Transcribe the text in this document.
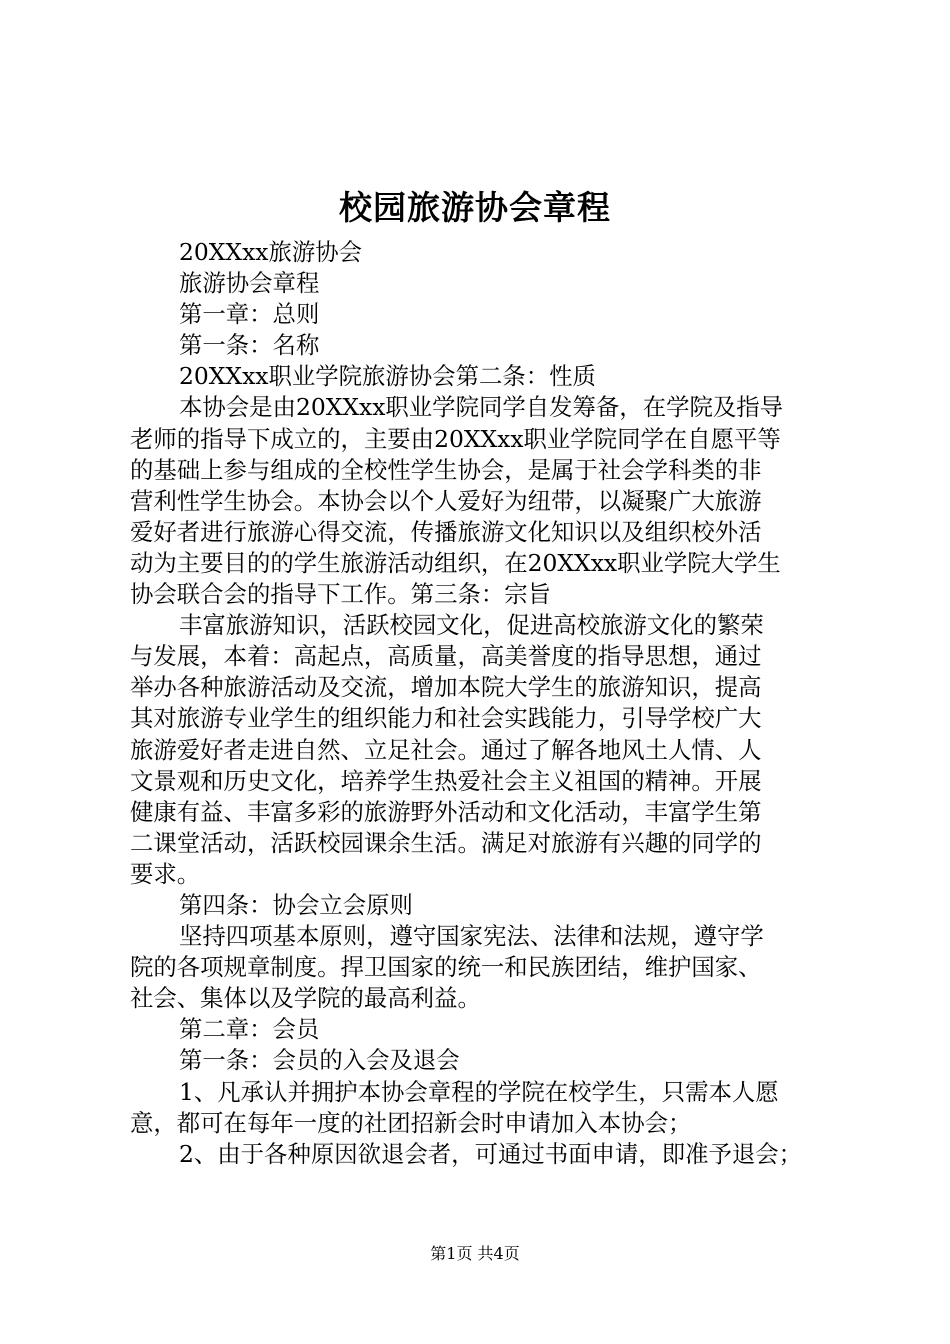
校园旅游协会章程
20XXxx旅游协会
旅游协会章程
第一章：总则
第一条：名称
20XXxx职业学院旅游协会第二条：性质
本协会是由20XXxx职业学院同学自发筹备，在学院及指导
老师的指导下成立的，主要由20XXxx职业学院同学在自愿平等
的基础上参与组成的全校性学生协会，是属于社会学科类的非
营利性学生协会。本协会以个人爱好为纽带，以凝聚广大旅游
爱好者进行旅游心得交流，传播旅游文化知识以及组织校外活
动为主要目的的学生旅游活动组织，在20XXxx职业学院大学生
协会联合会的指导下工作。第三条：宗旨
丰富旅游知识，活跃校园文化，促进高校旅游文化的繁荣
与发展，本着：高起点，高质量，高美誉度的指导思想，通过
举办各种旅游活动及交流，增加本院大学生的旅游知识，提高
其对旅游专业学生的组织能力和社会实践能力，引导学校广大
旅游爱好者走进自然、立足社会。通过了解各地风土人情、人
文景观和历史文化，培养学生热爱社会主义祖国的精神。开展
健康有益、丰富多彩的旅游野外活动和文化活动，丰富学生第
二课堂活动，活跃校园课余生活。满足对旅游有兴趣的同学的
要求。
第四条：协会立会原则
坚持四项基本原则，遵守国家宪法、法律和法规，遵守学
院的各项规章制度。捍卫国家的统一和民族团结，维护国家、
社会、集体以及学院的最高利益。
第二章：会员
第一条：会员的入会及退会
1、凡承认并拥护本协会章程的学院在校学生，只需本人愿
意，都可在每年一度的社团招新会时申请加入本协会；
2、由于各种原因欲退会者，可通过书面申请，即准予退会；
第1页 共4页
